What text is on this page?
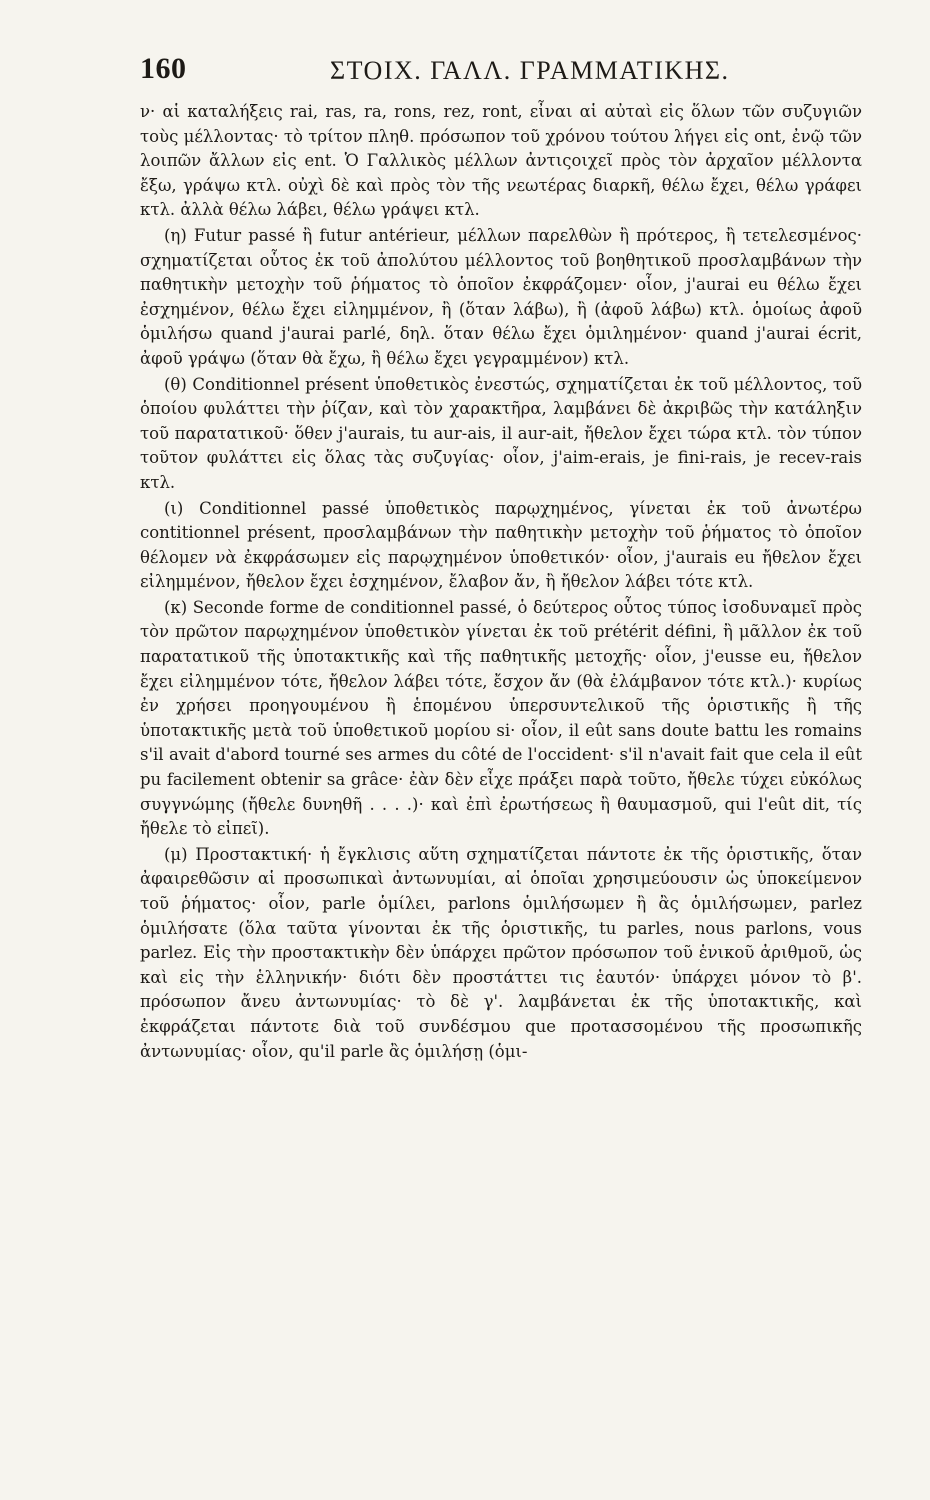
160	ΣΤΟΙΧ. ΓΑΛΛ. ΓΡΑΜΜΑΤΙΚΗΣ.

ν· αἱ καταλήξεις rai, ras, ra, rons, rez, ront, εἶναι αἱ αὐταὶ εἰς ὅλων τῶν συζυγιῶν τοὺς μέλλοντας· τὸ τρίτον πληθ. πρόσωπον τοῦ χρόνου τούτου λήγει εἰς ont, ἐνῷ τῶν λοιπῶν ἄλλων εἰς ent. Ὁ Γαλλικὸς μέλλων ἀντιςοιχεῖ πρὸς τὸν ἀρχαῖον μέλλοντα ἔξω, γράψω κτλ. οὐχὶ δὲ καὶ πρὸς τὸν τῆς νεωτέρας διαρκῆ, θέλω ἔχει, θέλω γράφει κτλ. ἀλλὰ θέλω λάβει, θέλω γράψει κτλ.

(η) Futur passé ἢ futur antérieur, μέλλων παρελθὼν ἢ πρότερος, ἢ τετελεσμένος· σχηματίζεται οὗτος ἐκ τοῦ ἀπολύτου μέλλοντος τοῦ βοηθητικοῦ προσλαμβάνων τὴν παθητικὴν μετοχὴν τοῦ ῥήματος τὸ ὁποῖον ἐκφράζομεν· οἷον, j'aurai eu θέλω ἔχει ἐσχημένον, θέλω ἔχει εἰλημμένον, ἢ (ὅταν λάβω), ἢ (ἀφοῦ λάβω) κτλ. ὁμοίως ἀφοῦ ὁμιλήσω quand j'aurai parlé, δηλ. ὅταν θέλω ἔχει ὁμιλημένον· quand j'aurai écrit, ἀφοῦ γράψω (ὅταν θὰ ἔχω, ἢ θέλω ἔχει γεγραμμένον) κτλ.

(θ) Conditionnel présent ὑποθετικὸς ἐνεστώς, σχηματίζεται ἐκ τοῦ μέλλοντος, τοῦ ὁποίου φυλάττει τὴν ῥίζαν, καὶ τὸν χαρακτῆρα, λαμβάνει δὲ ἀκριβῶς τὴν κατάληξιν τοῦ παρατατικοῦ· ὅθεν j'aurais, tu aur-ais, il aur-ait, ἤθελον ἔχει τώρα κτλ. τὸν τύπον τοῦτον φυλάττει εἰς ὅλας τὰς συζυγίας· οἷον, j'aim-erais, je fini-rais, je recev-rais κτλ.

(ι) Conditionnel passé ὑποθετικὸς παρῳχημένος, γίνεται ἐκ τοῦ ἀνωτέρω contitionnel présent, προσλαμβάνων τὴν παθητικὴν μετοχὴν τοῦ ῥήματος τὸ ὁποῖον θέλομεν νὰ ἐκφράσωμεν εἰς παρῳχημένον ὑποθετικόν· οἷον, j'aurais eu ἤθελον ἔχει εἰλημμένον, ἤθελον ἔχει ἐσχημένον, ἔλαβον ἄν, ἢ ἤθελον λάβει τότε κτλ.

(κ) Seconde forme de conditionnel passé, ὁ δεύτερος οὗτος τύπος ἰσοδυναμεῖ πρὸς τὸν πρῶτον παρῳχημένον ὑποθετικὸν γίνεται ἐκ τοῦ prétérit défini, ἢ μᾶλλον ἐκ τοῦ παρατατικοῦ τῆς ὑποτακτικῆς καὶ τῆς παθητικῆς μετοχῆς· οἷον, j'eusse eu, ἤθελον ἔχει εἰλημμένον τότε, ἤθελον λάβει τότε, ἔσχον ἄν (θὰ ἐλάμβανον τότε κτλ.)· κυρίως ἐν χρήσει προηγουμένου ἢ ἑπομένου ὑπερσυντελικοῦ τῆς ὁριστικῆς ἢ τῆς ὑποτακτικῆς μετὰ τοῦ ὑποθετικοῦ μορίου si· οἷον, il eût sans doute battu les romains s'il avait d'abord tourné ses armes du côté de l'occident· s'il n'avait fait que cela il eût pu facilement obtenir sa grâce· ἐὰν δὲν εἶχε πράξει παρὰ τοῦτο, ἤθελε τύχει εὐκόλως συγγνώμης (ἤθελε δυνηθῆ . . . .)· καὶ ἐπὶ ἐρωτήσεως ἢ θαυμασμοῦ, qui l'eût dit, τίς ἤθελε τὸ εἰπεῖ).

(μ) Προστακτική· ἡ ἔγκλισις αὕτη σχηματίζεται πάντοτε ἐκ τῆς ὁριστικῆς, ὅταν ἀφαιρεθῶσιν αἱ προσωπικαὶ ἀντωνυμίαι, αἱ ὁποῖαι χρησιμεύουσιν ὡς ὑποκείμενον τοῦ ῥήματος· οἷον, parle ὁμίλει, parlons ὁμιλήσωμεν ἢ ἂς ὁμιλήσωμεν, parlez ὁμιλήσατε (ὅλα ταῦτα γίνονται ἐκ τῆς ὁριστικῆς, tu parles, nous parlons, vous parlez. Εἰς τὴν προστακτικὴν δὲν ὑπάρχει πρῶτον πρόσωπον τοῦ ἑνικοῦ ἀριθμοῦ, ὡς καὶ εἰς τὴν ἑλληνικήν· διότι δὲν προστάττει τις ἑαυτόν· ὑπάρχει μόνον τὸ β'. πρόσωπον ἄνευ ἀντωνυμίας· τὸ δὲ γ'. λαμβάνεται ἐκ τῆς ὑποτακτικῆς, καὶ ἐκφράζεται πάντοτε διὰ τοῦ συνδέσμου que προτασσομένου τῆς προσωπικῆς ἀντωνυμίας· οἷον, qu'il parle ἂς ὁμιλήσῃ (ὁμι-
